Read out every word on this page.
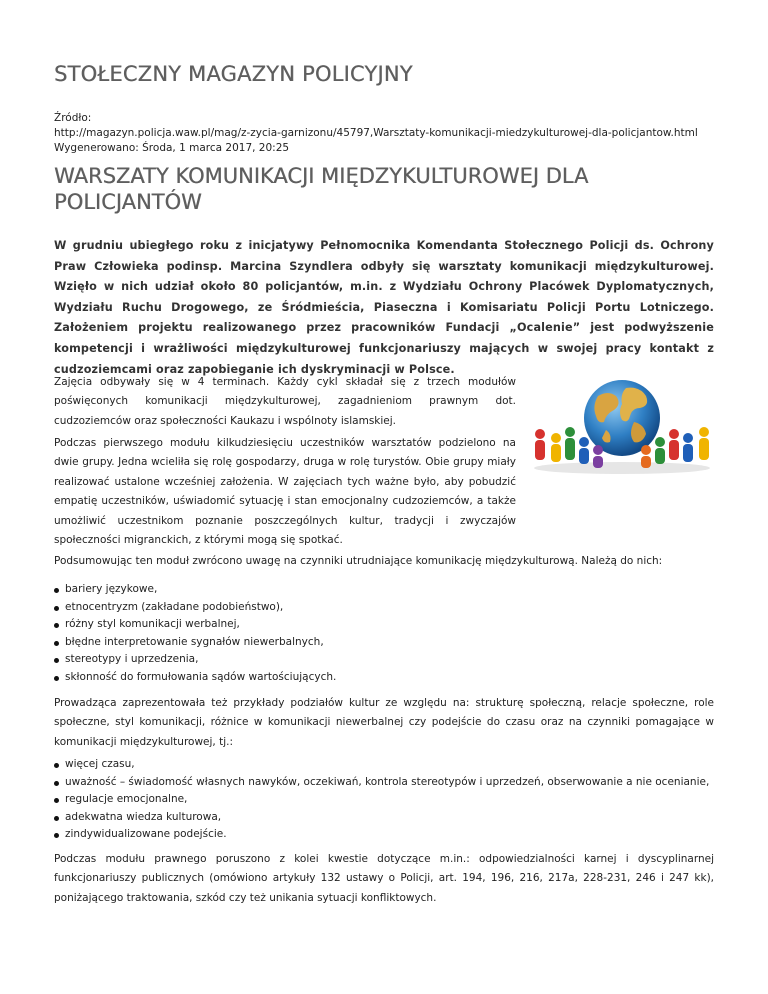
STOŁECZNY MAGAZYN POLICYJNY
Źródło:
http://magazyn.policja.waw.pl/mag/z-zycia-garnizonu/45797,Warsztaty-komunikacji-miedzykulturowej-dla-policjantow.html
Wygenerowano: Środa, 1 marca 2017, 20:25
WARSZATY KOMUNIKACJI MIĘDZYKULTUROWEJ DLA POLICJANTÓW

W grudniu ubiegłego roku z inicjatywy Pełnomocnika Komendanta Stołecznego Policji ds. Ochrony Praw Człowieka podinsp. Marcina Szyndlera odbyły się warsztaty komunikacji międzykulturowej. Wzięło w nich udział około 80 policjantów, m.in. z Wydziału Ochrony Placówek Dyplomatycznych, Wydziału Ruchu Drogowego, ze Śródmieścia, Piaseczna i Komisariatu Policji Portu Lotniczego. Założeniem projektu realizowanego przez pracowników Fundacji „Ocalenie” jest podwyższenie kompetencji i wrażliwości międzykulturowej funkcjonariuszy mających w swojej pracy kontakt z cudzoziemcami oraz zapobieganie ich dyskryminacji w Polsce.

Zajęcia odbywały się w 4 terminach. Każdy cykl składał się z trzech modułów poświęconych komunikacji międzykulturowej, zagadnieniom prawnym dot. cudzoziemców oraz społeczności Kaukazu i wspólnoty islamskiej.

Podczas pierwszego modułu kilkudziesięciu uczestników warsztatów podzielono na dwie grupy. Jedna wcieliła się rolę gospodarzy, druga w rolę turystów. Obie grupy miały realizować ustalone wcześniej założenia. W zajęciach tych ważne było, aby pobudzić empatię uczestników, uświadomić sytuację i stan emocjonalny cudzoziemców, a także umożliwić uczestnikom poznanie poszczególnych kultur, tradycji i zwyczajów społeczności migranckich, z którymi mogą się spotkać.

Podsumowując ten moduł zwrócono uwagę na czynniki utrudniające komunikację międzykulturową. Należą do nich:

bariery językowe,
etnocentryzm (zakładane podobieństwo),
różny styl komunikacji werbalnej,
błędne interpretowanie sygnałów niewerbalnych,
stereotypy i uprzedzenia,
skłonność do formułowania sądów wartościujących.

Prowadząca zaprezentowała też przykłady podziałów kultur ze względu na: strukturę społeczną, relacje społeczne, role społeczne, styl komunikacji, różnice w komunikacji niewerbalnej czy podejście do czasu oraz na czynniki pomagające w komunikacji międzykulturowej, tj.:

więcej czasu,
uważność – świadomość własnych nawyków, oczekiwań, kontrola stereotypów i uprzedzeń, obserwowanie a nie ocenianie,
regulacje emocjonalne,
adekwatna wiedza kulturowa,
zindywidualizowane podejście.

Podczas modułu prawnego poruszono z kolei kwestie dotyczące m.in.: odpowiedzialności karnej i dyscyplinarnej funkcjonariuszy publicznych (omówiono artykuły 132 ustawy o Policji, art. 194, 196, 216, 217a, 228-231, 246 i 247 kk), poniżającego traktowania, szkód czy też unikania sytuacji konfliktowych.
